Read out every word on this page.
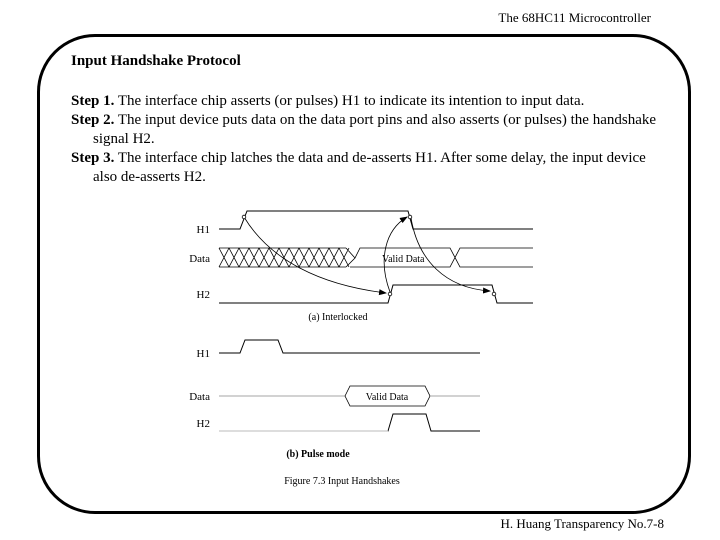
The 68HC11 Microcontroller
Input Handshake Protocol

Step 1. The interface chip asserts (or pulses) H1 to indicate its intention to input data.

Step 2. The input device puts data on the data port pins and also asserts (or pulses) the handshake signal H2.

Step 3. The interface chip latches the data and de-asserts H1. After some delay, the input device also de-asserts H2.

H1
Data
H2
Valid Data
(a) Interlocked
H1
Data
H2
Valid Data
(b) Pulse mode
Figure 7.3 Input Handshakes
H. Huang Transparency No.7-8
